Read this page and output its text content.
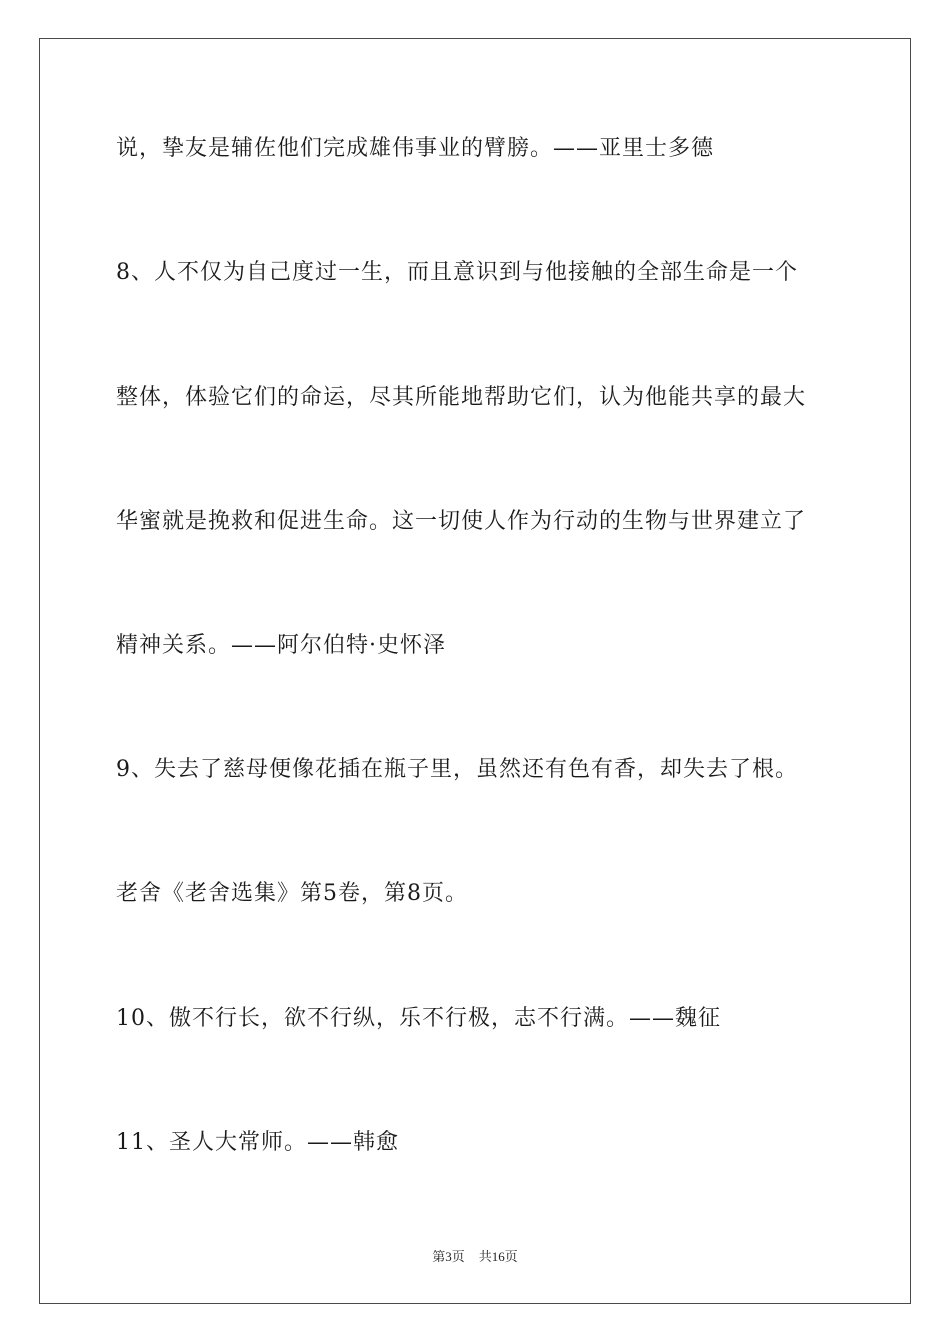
说，挚友是辅佐他们完成雄伟事业的臂膀。——亚里士多德
8、人不仅为自己度过一生，而且意识到与他接触的全部生命是一个
整体，体验它们的命运，尽其所能地帮助它们，认为他能共享的最大
华蜜就是挽救和促进生命。这一切使人作为行动的生物与世界建立了
精神关系。——阿尔伯特·史怀泽
9、失去了慈母便像花插在瓶子里，虽然还有色有香，却失去了根。
老舍《老舍选集》第5卷，第8页。
10、傲不行长，欲不行纵，乐不行极，志不行满。——魏征
11、圣人大常师。——韩愈
第3页 共16页
